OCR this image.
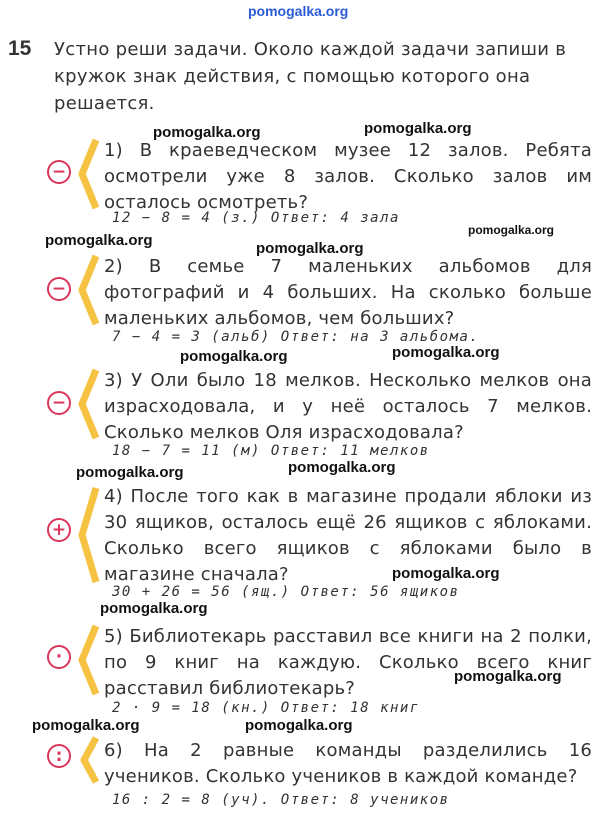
pomogalka.org
pomogalka.org	pomogalka.org
pomogalka.org	pomogalka.org
pomogalka.org
pomogalka.org	pomogalka.org
pomogalka.org	pomogalka.org
pomogalka.org
pomogalka.org
pomogalka.org
pomogalka.org	pomogalka.org
15 Устно реши задачи. Около каждой задачи запиши в кружок знак действия, с помощью которого она решается.
−
1) В краеведческом музее 12 залов. Ребята осмотрели уже 8 залов. Сколько залов им осталось осмотреть?
12 − 8 = 4 (з.) Ответ: 4 зала
−
2) В семье 7 маленьких альбомов для фотографий и 4 больших. На сколько больше маленьких альбомов, чем больших?
7 − 4 = 3 (альб) Ответ: на 3 альбома.
−
3) У Оли было 18 мелков. Несколько мелков она израсходовала, и у неё осталось 7 мелков. Сколько мелков Оля израсходовала?
18 − 7 = 11 (м) Ответ: 11 мелков
+
4) После того как в магазине продали яблоки из 30 ящиков, осталось ещё 26 ящиков с яблоками. Сколько всего ящиков с яблоками было в магазине сначала?
30 + 26 = 56 (ящ.) Ответ: 56 ящиков
·
5) Библиотекарь расставил все книги на 2 полки, по 9 книг на каждую. Сколько всего книг расставил библиотекарь?
2 · 9 = 18 (кн.) Ответ: 18 книг
:	6) На 2 равные команды разделились 16 учеников. Сколько учеников в каждой команде?
16 : 2 = 8 (уч). Ответ: 8 учеников
